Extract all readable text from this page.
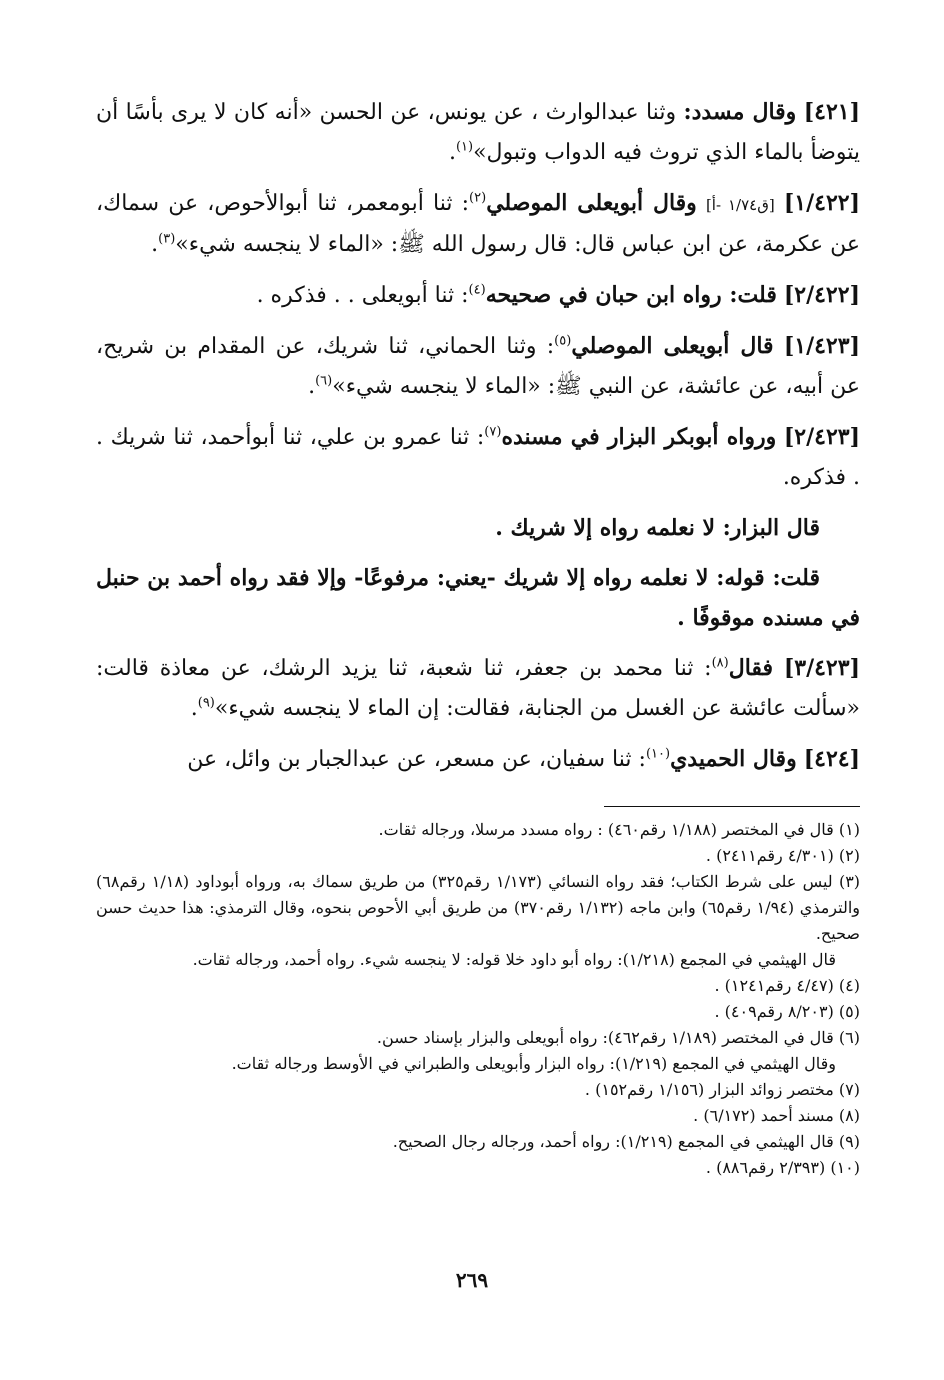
[٤٢١] وقال مسدد: وثنا عبدالوارث ، عن يونس، عن الحسن «أنه كان لا يرى بأسًا أن يتوضأ بالماء الذي تروث فيه الدواب وتبول»$^{(١)}$.

[١/٤٢٢] [ق١/٧٤ -أ] وقال أبويعلى الموصلي$^{(٢)}$: ثنا أبومعمر، ثنا أبوالأحوص، عن سماك، عن عكرمة، عن ابن عباس قال: قال رسول الله ﷺ: «الماء لا ينجسه شيء»$^{(٣)}$.

[٢/٤٢٢] قلت: رواه ابن حبان في صحيحه$^{(٤)}$: ثنا أبويعلى . . فذكره .

[١/٤٢٣] قال أبويعلى الموصلي$^{(٥)}$: وثنا الحماني، ثنا شريك، عن المقدام بن شريح، عن أبيه، عن عائشة، عن النبي ﷺ: «الماء لا ينجسه شيء»$^{(٦)}$.

[٢/٤٢٣] ورواه أبوبكر البزار في مسنده$^{(٧)}$: ثنا عمرو بن علي، ثنا أبوأحمد، ثنا شريك . . فذكره.

قال البزار: لا نعلمه رواه إلا شريك .

قلت: قوله: لا نعلمه رواه إلا شريك -يعني: مرفوعًا- وإلا فقد رواه أحمد بن حنبل في مسنده موقوفًا .

[٣/٤٢٣] فقال$^{(٨)}$: ثنا محمد بن جعفر، ثنا شعبة، ثنا يزيد الرشك، عن معاذة قالت: «سألت عائشة عن الغسل من الجنابة، فقالت: إن الماء لا ينجسه شيء»$^{(٩)}$.

[٤٢٤] وقال الحميدي$^{(١٠)}$: ثنا سفيان، عن مسعر، عن عبدالجبار بن وائل، عن

(١) قال في المختصر (١/١٨٨ رقم٤٦٠) : رواه مسدد مرسلا، ورجاله ثقات.

(٢) (٤/٣٠١ رقم٢٤١١) .

(٣) ليس على شرط الكتاب؛ فقد رواه النسائي (١/١٧٣ رقم٣٢٥) من طريق سماك به، ورواه أبوداود (١/١٨ رقم٦٨) والترمذي (١/٩٤ رقم٦٥) وابن ماجه (١/١٣٢ رقم٣٧٠) من طريق أبي الأحوص بنحوه، وقال الترمذي: هذا حديث حسن صحيح.

قال الهيثمي في المجمع (١/٢١٨): رواه أبو داود خلا قوله: لا ينجسه شيء. رواه أحمد، ورجاله ثقات.

(٤) (٤/٤٧ رقم١٢٤١) .

(٥) (٨/٢٠٣ رقم٤٠٩) .

(٦) قال في المختصر (١/١٨٩ رقم٤٦٢): رواه أبويعلى والبزار بإسناد حسن.

وقال الهيثمي في المجمع (١/٢١٩): رواه البزار وأبويعلى والطبراني في الأوسط ورجاله ثقات.

(٧) مختصر زوائد البزار (١/١٥٦ رقم١٥٢) .

(٨) مسند أحمد (٦/١٧٢) .

(٩) قال الهيثمي في المجمع (١/٢١٩): رواه أحمد، ورجاله رجال الصحيح.

(١٠) (٢/٣٩٣ رقم٨٨٦) .

٢٦٩
